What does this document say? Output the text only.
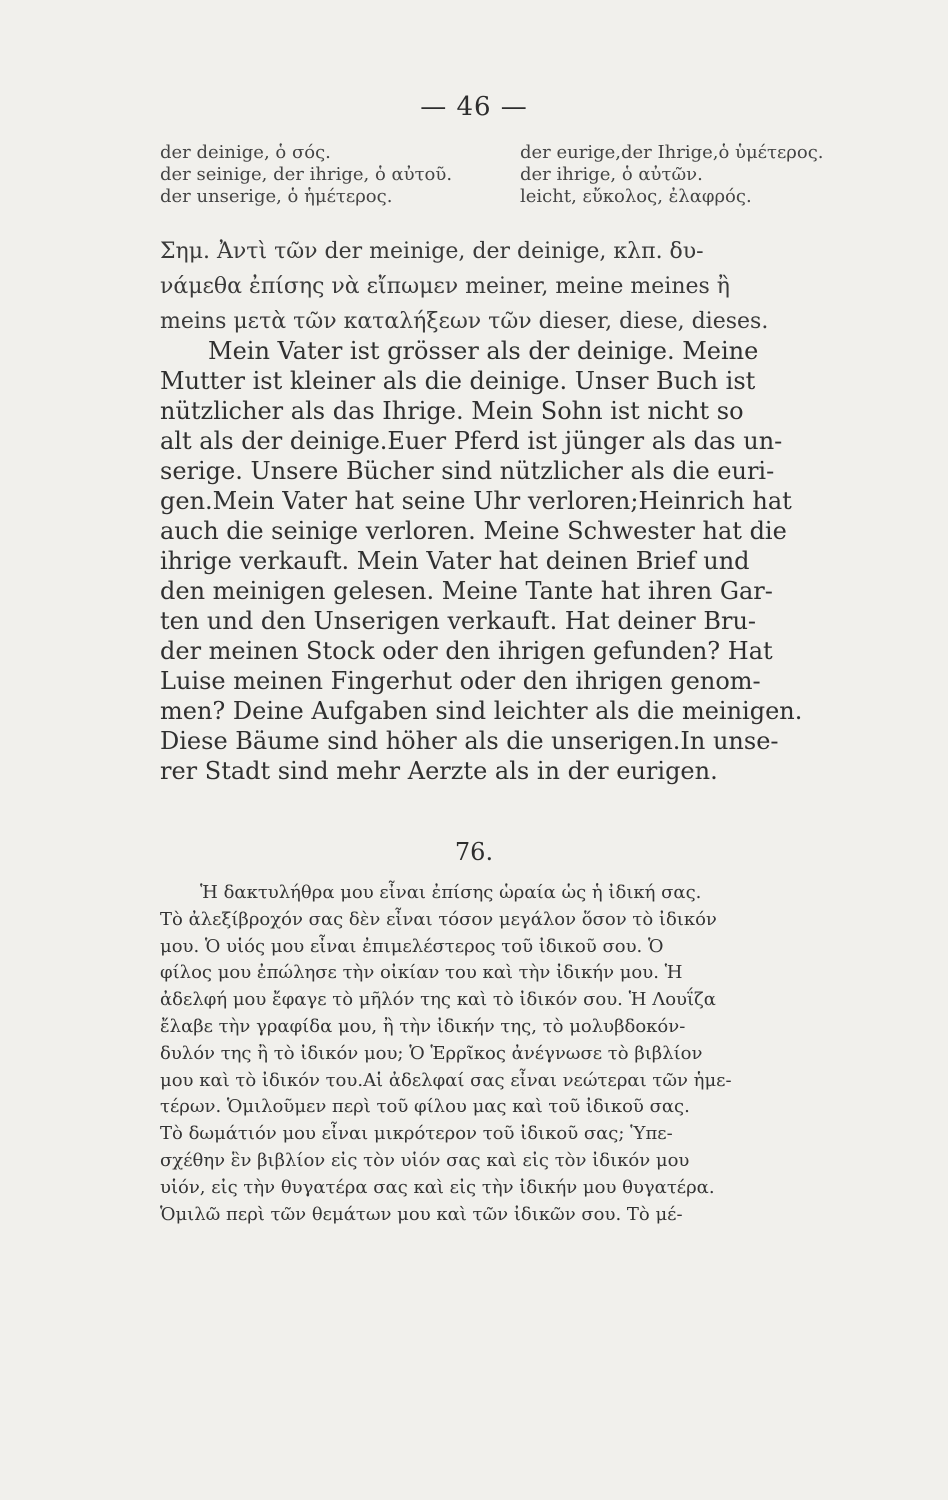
— 46 —
der deinige, ὁ σός.	der eurige,der Ihrige,ὁ ὑμέτερος.
der seinige, der ihrige, ὁ αὐτοῦ.	der ihrige, ὁ αὐτῶν.
der unserige, ὁ ἡμέτερος.	leicht, εὔκολος, ἐλαφρός.
Σημ. Ἀντὶ τῶν der meinige, der deinige, κλπ. δυ-
νάμεθα ἐπίσης νὰ εἴπωμεν meiner, meine meines ἢ
meins μετὰ τῶν καταλήξεων τῶν dieser, diese, dieses.
Mein Vater ist grösser als der deinige. Meine
Mutter ist kleiner als die deinige. Unser Buch ist
nützlicher als das Ihrige. Mein Sohn ist nicht so
alt als der deinige.Euer Pferd ist jünger als das un-
serige. Unsere Bücher sind nützlicher als die euri-
gen.Mein Vater hat seine Uhr verloren;Heinrich hat
auch die seinige verloren. Meine Schwester hat die
ihrige verkauft. Mein Vater hat deinen Brief und
den meinigen gelesen. Meine Tante hat ihren Gar-
ten und den Unserigen verkauft. Hat deiner Bru-
der meinen Stock oder den ihrigen gefunden? Hat
Luise meinen Fingerhut oder den ihrigen genom-
men? Deine Aufgaben sind leichter als die meinigen.
Diese Bäume sind höher als die unserigen.In unse-
rer Stadt sind mehr Aerzte als in der eurigen.
76.
Ἡ δακτυλήθρα μου εἶναι ἐπίσης ὡραία ὡς ἡ ἰδική σας.
Τὸ ἀλεξίβροχόν σας δὲν εἶναι τόσον μεγάλον ὅσον τὸ ἰδικόν
μου. Ὁ υἱός μου εἶναι ἐπιμελέστερος τοῦ ἰδικοῦ σου. Ὁ
φίλος μου ἐπώλησε τὴν οἰκίαν του καὶ τὴν ἰδικήν μου. Ἡ
ἀδελφή μου ἔφαγε τὸ μῆλόν της καὶ τὸ ἰδικόν σου. Ἡ Λουΐζα
ἔλαβε τὴν γραφίδα μου, ἢ τὴν ἰδικήν της, τὸ μολυβδοκόν-
δυλόν της ἢ τὸ ἰδικόν μου; Ὁ Ἑρρῖκος ἀνέγνωσε τὸ βιβλίον
μου καὶ τὸ ἰδικόν του.Αἱ ἀδελφαί σας εἶναι νεώτεραι τῶν ἡμε-
τέρων. Ὁμιλοῦμεν περὶ τοῦ φίλου μας καὶ τοῦ ἰδικοῦ σας.
Τὸ δωμάτιόν μου εἶναι μικρότερον τοῦ ἰδικοῦ σας; Ὑπε-
σχέθην ἓν βιβλίον εἰς τὸν υἱόν σας καὶ εἰς τὸν ἰδικόν μου
υἱόν, εἰς τὴν θυγατέρα σας καὶ εἰς τὴν ἰδικήν μου θυγατέρα.
Ὁμιλῶ περὶ τῶν θεμάτων μου καὶ τῶν ἰδικῶν σου. Τὸ μέ-
